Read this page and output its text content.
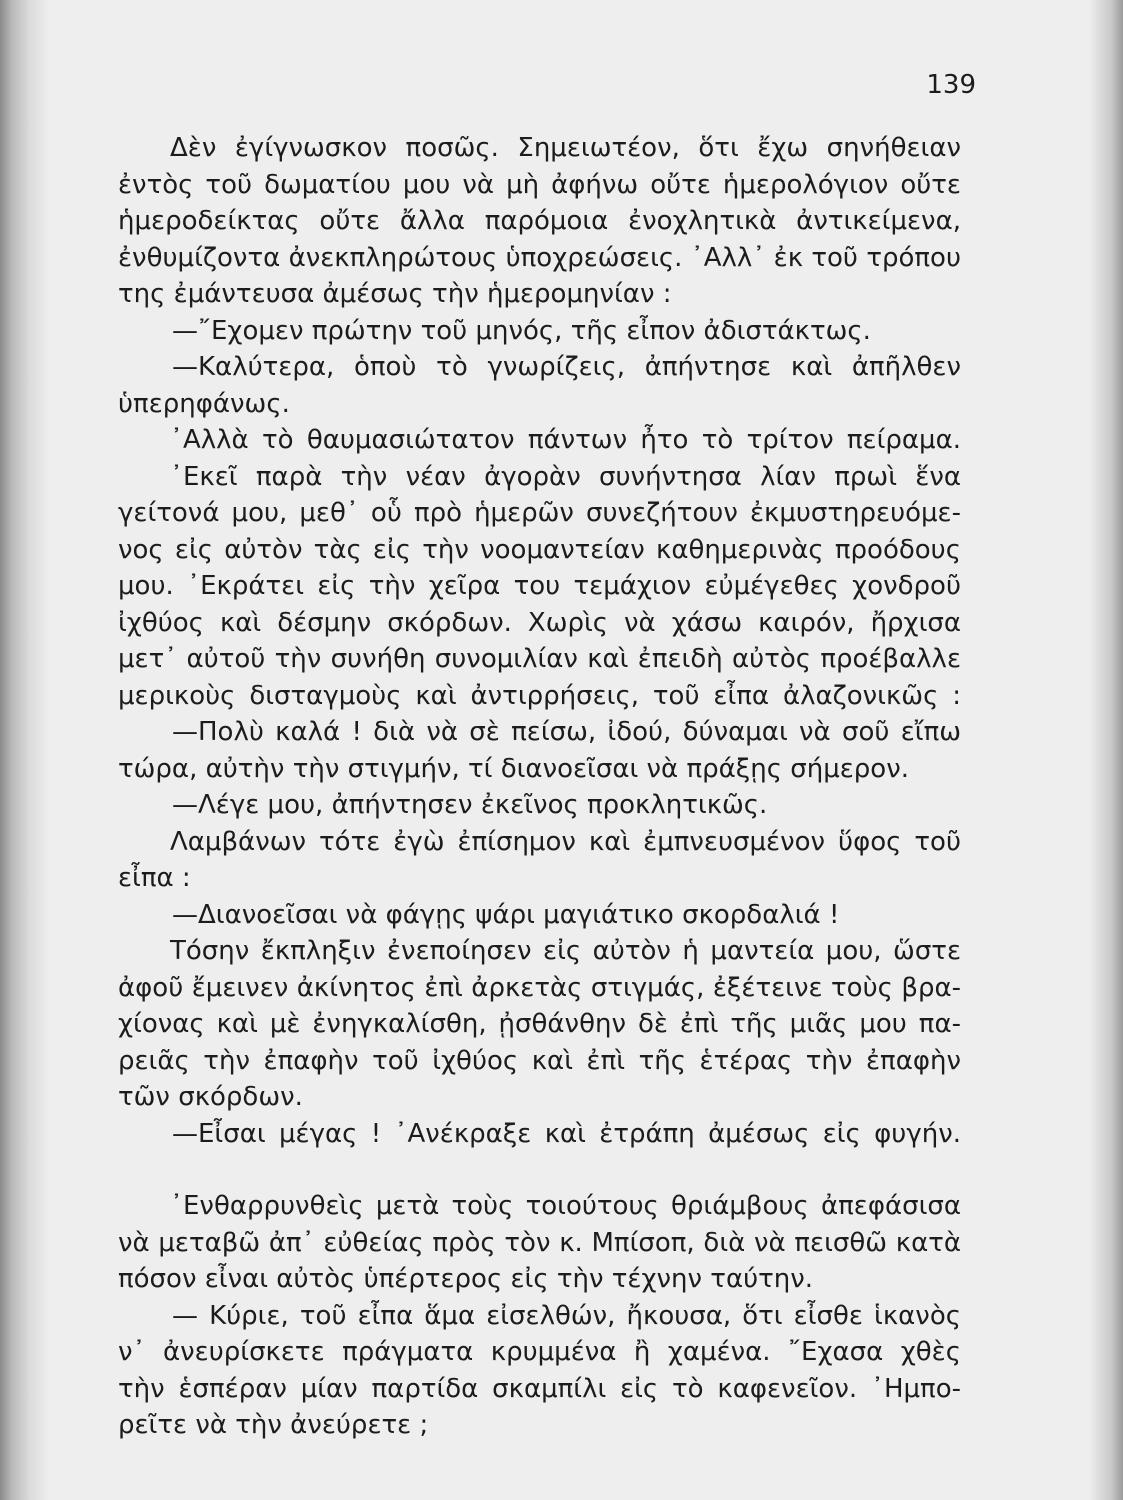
139
Δὲν ἐγίγνωσκον ποσῶς. Σημειωτέον, ὅτι ἔχω σηνήθειαν
ἐντὸς τοῦ δωματίου μου νὰ μὴ ἀφήνω οὔτε ἡμερολόγιον οὔτε
ἡμεροδείκτας οὔτε ἄλλα παρόμοια ἐνοχλητικὰ ἀντικείμενα,
ἐνθυμίζοντα ἀνεκπληρώτους ὑποχρεώσεις. ᾿Αλλ᾿ ἐκ τοῦ τρόπου
της ἐμάντευσα ἀμέσως τὴν ἡμερομηνίαν :
—῎Εχομεν πρώτην τοῦ μηνός, τῆς εἶπον ἀδιστάκτως.
—Καλύτερα, ὁποὺ τὸ γνωρίζεις, ἀπήντησε καὶ ἀπῆλθεν
ὑπερηφάνως.
᾿Αλλὰ τὸ θαυμασιώτατον πάντων ἦτο τὸ τρίτον πείραμα.
᾿Εκεῖ παρὰ τὴν νέαν ἀγορὰν συνήντησα λίαν πρωὶ ἕνα
γείτονά μου, μεθ᾿ οὗ πρὸ ἡμερῶν συνεζήτουν ἐκμυστηρευόμε-
νος εἰς αὐτὸν τὰς εἰς τὴν νοομαντείαν καθημερινὰς προόδους
μου. ᾿Εκράτει εἰς τὴν χεῖρα του τεμάχιον εὐμέγεθες χονδροῦ
ἰχθύος καὶ δέσμην σκόρδων. Χωρὶς νὰ χάσω καιρόν, ἤρχισα
μετ᾿ αὐτοῦ τὴν συνήθη συνομιλίαν καὶ ἐπειδὴ αὐτὸς προέβαλλε
μερικοὺς δισταγμοὺς καὶ ἀντιρρήσεις, τοῦ εἶπα ἀλαζονικῶς :
—Πολὺ καλά ! διὰ νὰ σὲ πείσω, ἰδού, δύναμαι νὰ σοῦ εἴπω
τώρα, αὐτὴν τὴν στιγμήν, τί διανοεῖσαι νὰ πράξῃς σήμερον.
—Λέγε μου, ἀπήντησεν ἐκεῖνος προκλητικῶς.
Λαμβάνων τότε ἐγὼ ἐπίσημον καὶ ἐμπνευσμένον ὕφος τοῦ
εἶπα :
—Διανοεῖσαι νὰ φάγῃς ψάρι μαγιάτικο σκορδαλιά !
Τόσην ἔκπληξιν ἐνεποίησεν εἰς αὐτὸν ἡ μαντεία μου, ὥστε
ἀφοῦ ἔμεινεν ἀκίνητος ἐπὶ ἀρκετὰς στιγμάς, ἐξέτεινε τοὺς βρα-
χίονας καὶ μὲ ἐνηγκαλίσθη, ᾐσθάνθην δὲ ἐπὶ τῆς μιᾶς μου πα-
ρειᾶς τὴν ἐπαφὴν τοῦ ἰχθύος καὶ ἐπὶ τῆς ἑτέρας τὴν ἐπαφὴν
τῶν σκόρδων.
—Εἶσαι μέγας ! ᾿Ανέκραξε καὶ ἐτράπη ἀμέσως εἰς φυγήν.
᾿Ενθαρρυνθεὶς μετὰ τοὺς τοιούτους θριάμβους ἀπεφάσισα
νὰ μεταβῶ ἀπ᾿ εὐθείας πρὸς τὸν κ. Μπίσοπ, διὰ νὰ πεισθῶ κατὰ
πόσον εἶναι αὐτὸς ὑπέρτερος εἰς τὴν τέχνην ταύτην.
— Κύριε, τοῦ εἶπα ἅμα εἰσελθών, ἤκουσα, ὅτι εἶσθε ἱκανὸς
ν᾿ ἀνευρίσκετε πράγματα κρυμμένα ἢ χαμένα. ῎Εχασα χθὲς
τὴν ἑσπέραν μίαν παρτίδα σκαμπίλι εἰς τὸ καφενεῖον. ᾿Ημπο-
ρεῖτε νὰ τὴν ἀνεύρετε ;
